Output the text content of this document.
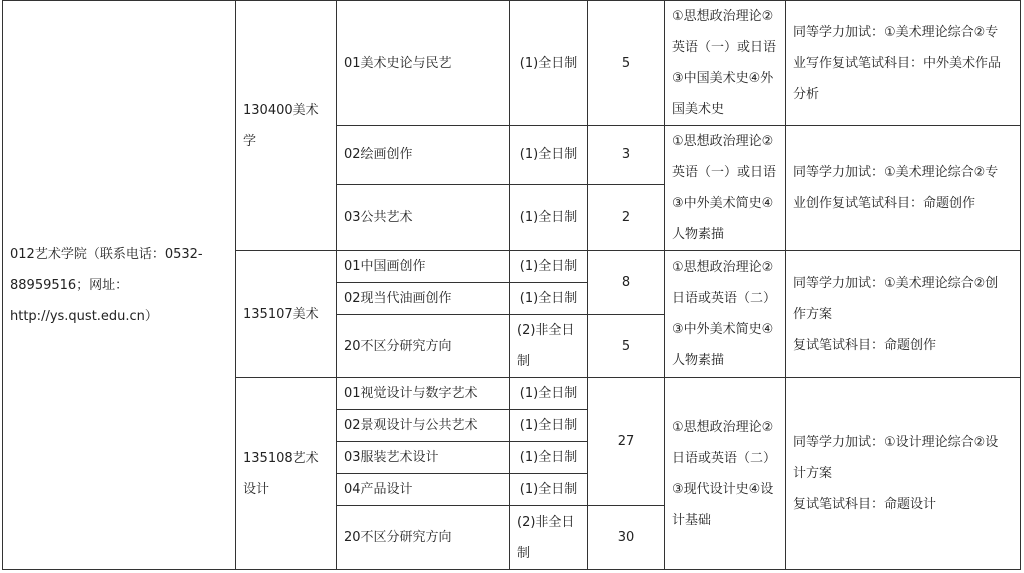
012艺术学院（联系电话：0532-
88959516；网址：
http://ys.qust.edu.cn）	130400美术
学	01美术史论与民艺	(1)全日制	5	①思想政治理论②
英语（一）或日语
③中国美术史④外
国美术史	同等学力加试：①美术理论综合②专
业写作复试笔试科目：中外美术作品
分析

		02绘画创作	(1)全日制	3	①思想政治理论②
英语（一）或日语
③中外美术简史④
人物素描	同等学力加试：①美术理论综合②专
业创作复试笔试科目：命题创作

		03公共艺术	(1)全日制	2		

	135107美术	01中国画创作	(1)全日制	8	①思想政治理论②
日语或英语（二）
③中外美术简史④
人物素描	同等学力加试：①美术理论综合②创
作方案
复试笔试科目：命题创作

		02现当代油画创作	(1)全日制			
		20不区分研究方向	(2)非全日
制	5		

	135108艺术
设计	01视觉设计与数字艺术	(1)全日制	27	①思想政治理论②
日语或英语（二）
③现代设计史④设
计基础	同等学力加试：①设计理论综合②设
计方案
复试笔试科目：命题设计

		02景观设计与公共艺术	(1)全日制			
		03服装艺术设计	(1)全日制			
		04产品设计	(1)全日制			
		20不区分研究方向	(2)非全日
制	30		
